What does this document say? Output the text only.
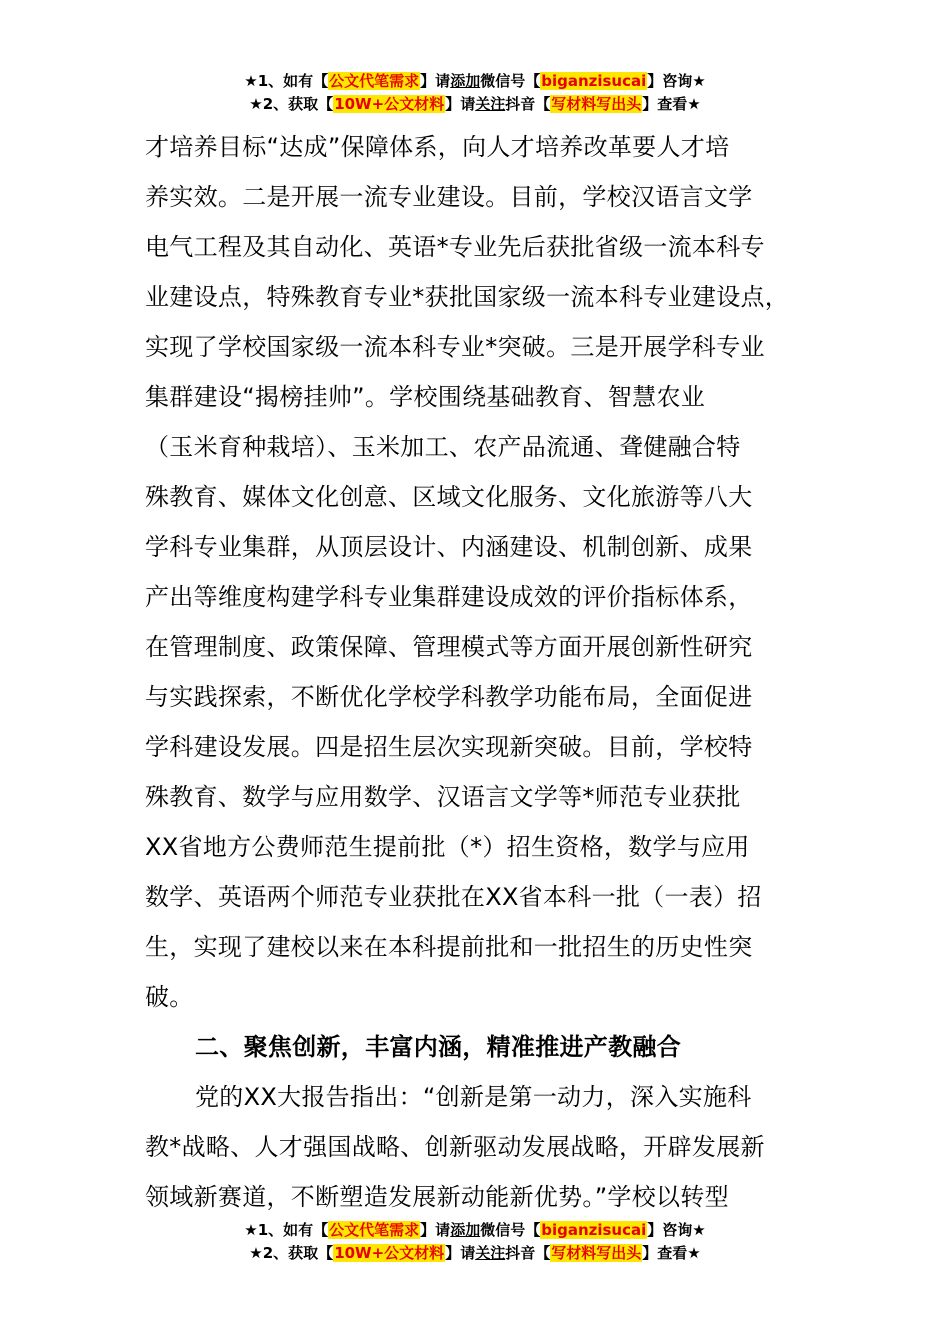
★1、如有【公文代笔需求】请添加微信号【biganzisucai】咨询★
★2、获取【10W+公文材料】请关注抖音【写材料写出头】查看★
才培养目标“达成”保障体系，向人才培养改革要人才培
养实效。二是开展一流专业建设。目前，学校汉语言文学
电气工程及其自动化、英语*专业先后获批省级一流本科专
业建设点，特殊教育专业*获批国家级一流本科专业建设点，
实现了学校国家级一流本科专业*突破。三是开展学科专业
集群建设“揭榜挂帅”。学校围绕基础教育、智慧农业
（玉米育种栽培）、玉米加工、农产品流通、聋健融合特
殊教育、媒体文化创意、区域文化服务、文化旅游等八大
学科专业集群，从顶层设计、内涵建设、机制创新、成果
产出等维度构建学科专业集群建设成效的评价指标体系，
在管理制度、政策保障、管理模式等方面开展创新性研究
与实践探索，不断优化学校学科教学功能布局，全面促进
学科建设发展。四是招生层次实现新突破。目前，学校特
殊教育、数学与应用数学、汉语言文学等*师范专业获批
XX省地方公费师范生提前批（*）招生资格，数学与应用
数学、英语两个师范专业获批在XX省本科一批（一表）招
生，实现了建校以来在本科提前批和一批招生的历史性突
破。
二、聚焦创新，丰富内涵，精准推进产教融合
党的XX大报告指出：“创新是第一动力，深入实施科
教*战略、人才强国战略、创新驱动发展战略，开辟发展新
领域新赛道，不断塑造发展新动能新优势。”学校以转型
★1、如有【公文代笔需求】请添加微信号【biganzisucai】咨询★
★2、获取【10W+公文材料】请关注抖音【写材料写出头】查看★
